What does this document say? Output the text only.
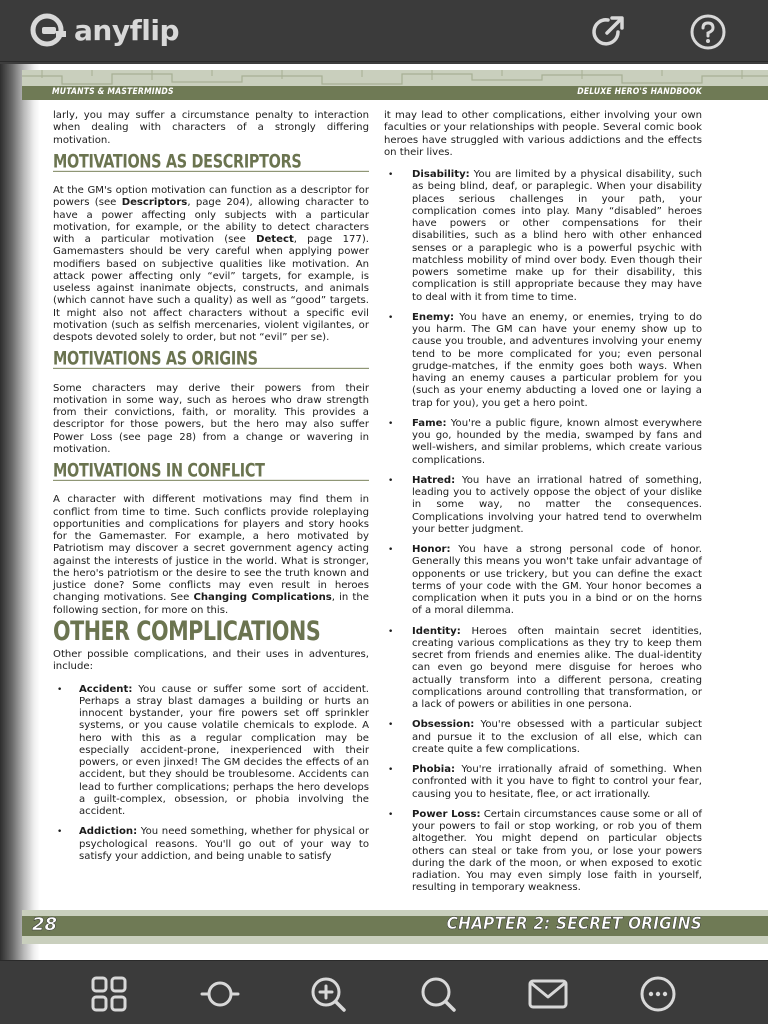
anyflip
MUTANTS & MASTERMINDS	DELUXE HERO'S HANDBOOK

larly, you may suffer a circumstance penalty to interaction when dealing with characters of a strongly differing motivation.

MOTIVATIONS AS DESCRIPTORS

At the GM's option motivation can function as a descriptor for powers (see Descriptors, page 204), allowing character to have a power affecting only subjects with a particular motivation, for example, or the ability to detect characters with a particular motivation (see Detect, page 177). Gamemasters should be very careful when applying power modifiers based on subjective qualities like motivation. An attack power affecting only “evil” targets, for example, is useless against inanimate objects, constructs, and animals (which cannot have such a quality) as well as “good” targets. It might also not affect characters without a specific evil motivation (such as selfish mercenaries, violent vigilantes, or despots devoted solely to order, but not “evil” per se).

MOTIVATIONS AS ORIGINS

Some characters may derive their powers from their motivation in some way, such as heroes who draw strength from their convictions, faith, or morality. This provides a descriptor for those powers, but the hero may also suffer Power Loss (see page 28) from a change or wavering in motivation.

MOTIVATIONS IN CONFLICT

A character with different motivations may find them in conflict from time to time. Such conflicts provide roleplaying opportunities and complications for players and story hooks for the Gamemaster. For example, a hero motivated by Patriotism may discover a secret government agency acting against the interests of justice in the world. What is stronger, the hero's patriotism or the desire to see the truth known and justice done? Some conflicts may even result in heroes changing motivations. See Changing Complications, in the following section, for more on this.

OTHER COMPLICATIONS

Other possible complications, and their uses in adventures, include:

• Accident: You cause or suffer some sort of accident. Perhaps a stray blast damages a building or hurts an innocent bystander, your fire powers set off sprinkler systems, or you cause volatile chemicals to explode. A hero with this as a regular complication may be especially accident-prone, inexperienced with their powers, or even jinxed! The GM decides the effects of an accident, but they should be troublesome. Accidents can lead to further complications; perhaps the hero develops a guilt-complex, obsession, or phobia involving the accident.
• Addiction: You need something, whether for physical or psychological reasons. You'll go out of your way to satisfy your addiction, and being unable to satisfy

it may lead to other complications, either involving your own faculties or your relationships with people. Several comic book heroes have struggled with various addictions and the effects on their lives.

• Disability: You are limited by a physical disability, such as being blind, deaf, or paraplegic. When your disability places serious challenges in your path, your complication comes into play. Many “disabled” heroes have powers or other compensations for their disabilities, such as a blind hero with other enhanced senses or a paraplegic who is a powerful psychic with matchless mobility of mind over body. Even though their powers sometime make up for their disability, this complication is still appropriate because they may have to deal with it from time to time.
• Enemy: You have an enemy, or enemies, trying to do you harm. The GM can have your enemy show up to cause you trouble, and adventures involving your enemy tend to be more complicated for you; even personal grudge-matches, if the enmity goes both ways. When having an enemy causes a particular problem for you (such as your enemy abducting a loved one or laying a trap for you), you get a hero point.
• Fame: You're a public figure, known almost everywhere you go, hounded by the media, swamped by fans and well-wishers, and similar problems, which create various complications.
• Hatred: You have an irrational hatred of something, leading you to actively oppose the object of your dislike in some way, no matter the consequences. Complications involving your hatred tend to overwhelm your better judgment.
• Honor: You have a strong personal code of honor. Generally this means you won't take unfair advantage of opponents or use trickery, but you can define the exact terms of your code with the GM. Your honor becomes a complication when it puts you in a bind or on the horns of a moral dilemma.
• Identity: Heroes often maintain secret identities, creating various complications as they try to keep them secret from friends and enemies alike. The dual-identity can even go beyond mere disguise for heroes who actually transform into a different persona, creating complications around controlling that transformation, or a lack of powers or abilities in one persona.
• Obsession: You're obsessed with a particular subject and pursue it to the exclusion of all else, which can create quite a few complications.
• Phobia: You're irrationally afraid of something. When confronted with it you have to fight to control your fear, causing you to hesitate, flee, or act irrationally.
• Power Loss: Certain circumstances cause some or all of your powers to fail or stop working, or rob you of them altogether. You might depend on particular objects others can steal or take from you, or lose your powers during the dark of the moon, or when exposed to exotic radiation. You may even simply lose faith in yourself, resulting in temporary weakness.
28	CHAPTER 2: SECRET ORIGINS
